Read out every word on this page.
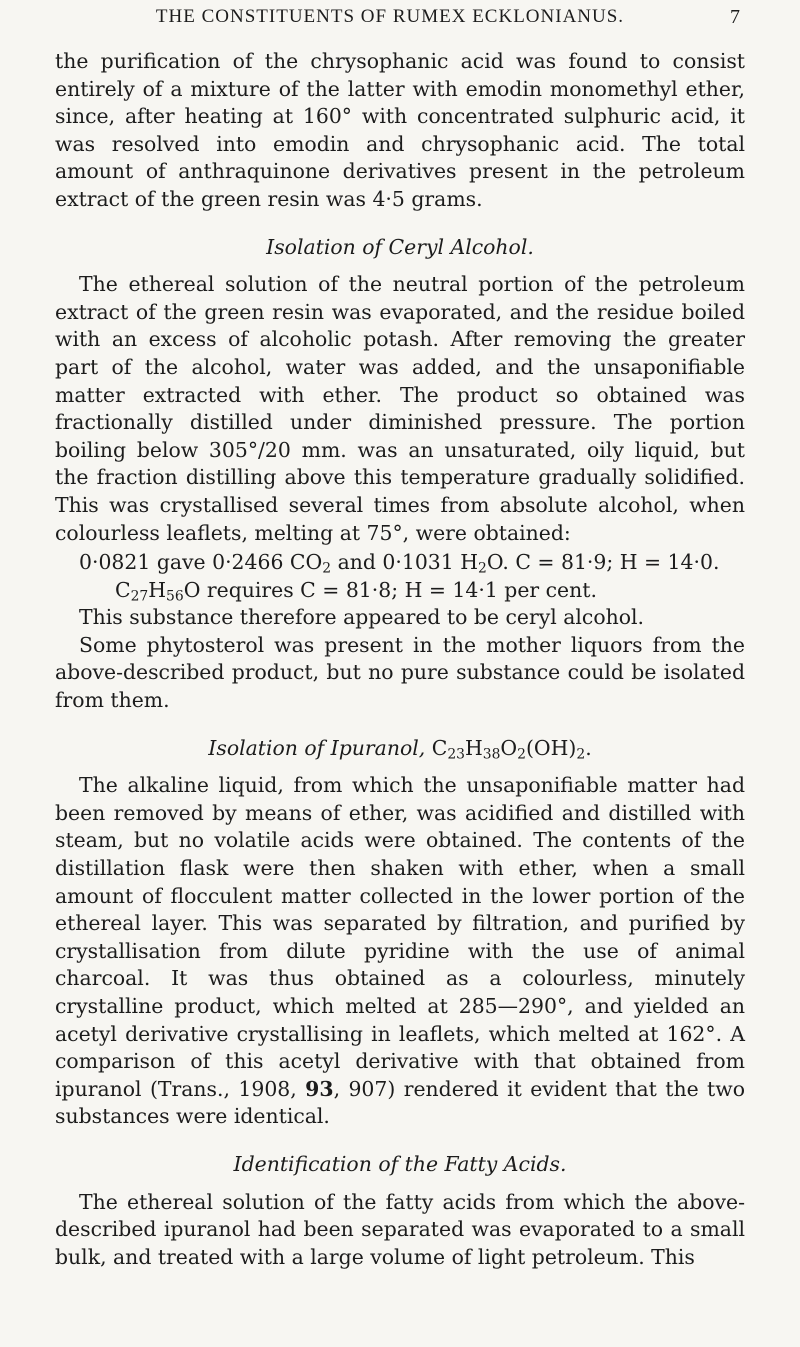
THE CONSTITUENTS OF RUMEX ECKLONIANUS.	7

the purification of the chrysophanic acid was found to consist entirely of a mixture of the latter with emodin monomethyl ether, since, after heating at 160° with concentrated sulphuric acid, it was resolved into emodin and chrysophanic acid. The total amount of anthraquinone derivatives present in the petroleum extract of the green resin was 4·5 grams.

Isolation of Ceryl Alcohol.

The ethereal solution of the neutral portion of the petroleum extract of the green resin was evaporated, and the residue boiled with an excess of alcoholic potash. After removing the greater part of the alcohol, water was added, and the unsaponifiable matter extracted with ether. The product so obtained was fractionally distilled under diminished pressure. The portion boiling below 305°/20 mm. was an unsaturated, oily liquid, but the fraction distilling above this temperature gradually solidified. This was crystallised several times from absolute alcohol, when colourless leaflets, melting at 75°, were obtained:

0·0821 gave 0·2466 $CO_2$ and 0·1031 $H_2O$. C = 81·9; H = 14·0.
$C_{27}H_{56}O$ requires C = 81·8; H = 14·1 per cent.

This substance therefore appeared to be ceryl alcohol.

Some phytosterol was present in the mother liquors from the above-described product, but no pure substance could be isolated from them.

Isolation of Ipuranol, $C_{23}H_{38}O_2(OH)_2$.

The alkaline liquid, from which the unsaponifiable matter had been removed by means of ether, was acidified and distilled with steam, but no volatile acids were obtained. The contents of the distillation flask were then shaken with ether, when a small amount of flocculent matter collected in the lower portion of the ethereal layer. This was separated by filtration, and purified by crystallisation from dilute pyridine with the use of animal charcoal. It was thus obtained as a colourless, minutely crystalline product, which melted at 285—290°, and yielded an acetyl derivative crystallising in leaflets, which melted at 162°. A comparison of this acetyl derivative with that obtained from ipuranol (Trans., 1908, 93, 907) rendered it evident that the two substances were identical.

Identification of the Fatty Acids.

The ethereal solution of the fatty acids from which the above-described ipuranol had been separated was evaporated to a small bulk, and treated with a large volume of light petroleum. This
